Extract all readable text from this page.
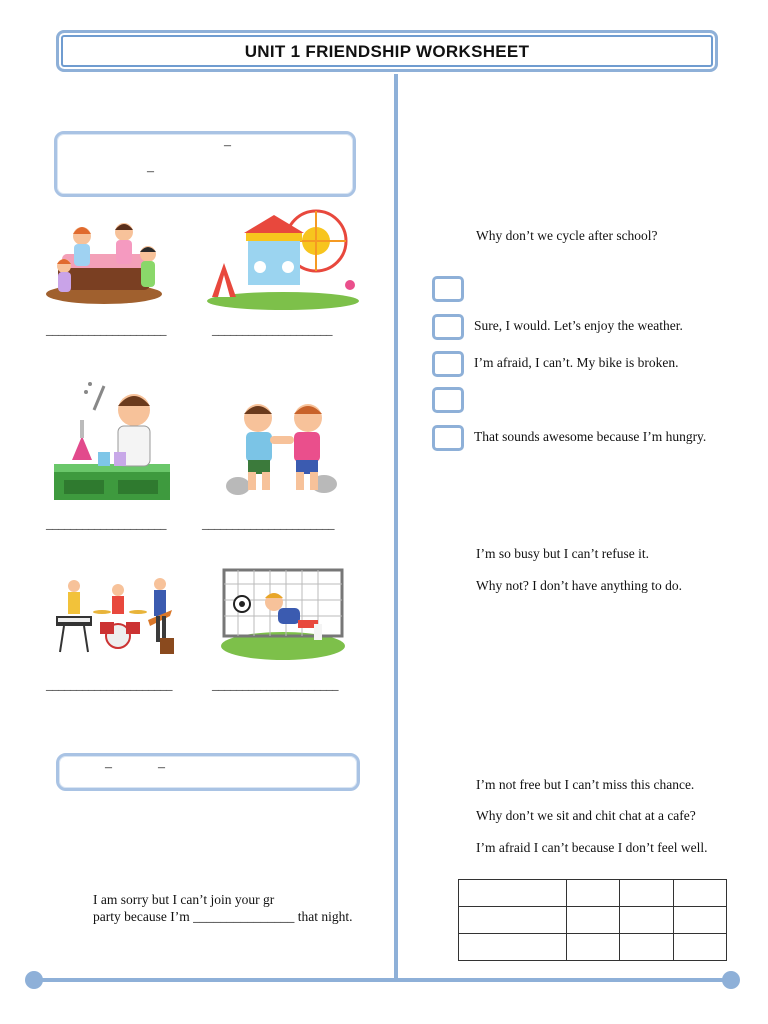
UNIT 1 FRIENDSHIP WORKSHEET
–
–
____________________	____________________
____________________	______________________
_____________________	_____________________
–	–
I am sorry but I can’t join your gr
party because I’m _______________ that night.
Why don’t we cycle after school?
Sure, I would. Let’s enjoy the weather.
I’m afraid, I can’t. My bike is broken.
That sounds awesome because I’m hungry.
I’m so busy but I can’t refuse it.
Why not? I don’t have anything to do.
I’m not free but I can’t miss this chance.
Why don’t we sit and chit chat at a cafe?
I’m afraid I can’t because I don’t feel well.
